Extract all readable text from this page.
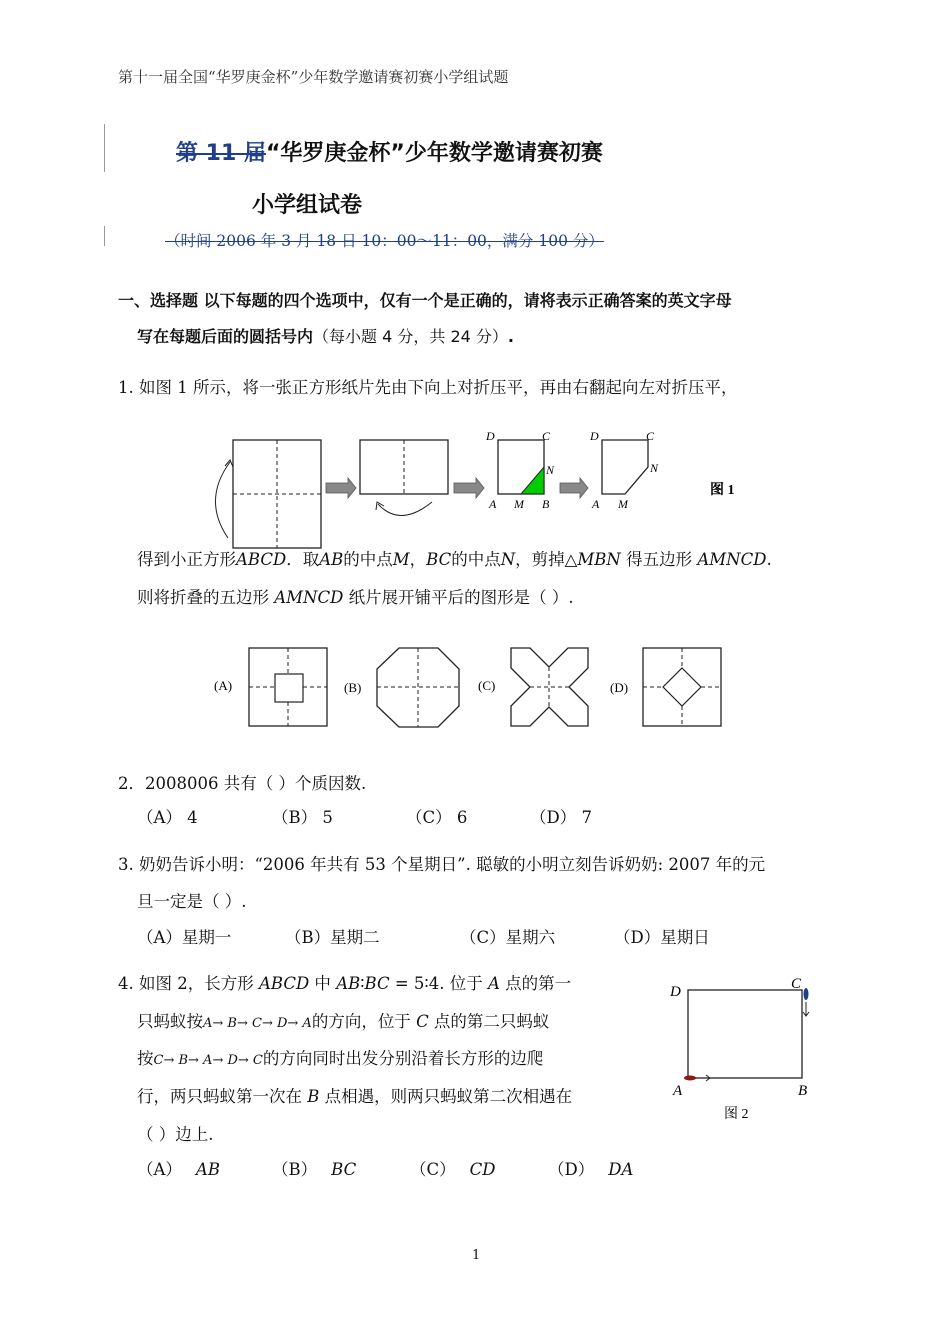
第十一届全国“华罗庚金杯”少年数学邀请赛初赛小学组试题
第 11 届“华罗庚金杯”少年数学邀请赛初赛
小学组试卷
（时间 2006 年 3 月 18 日 10：00～11：00，满分 100 分）
一、选择题 以下每题的四个选项中，仅有一个是正确的，请将表示正确答案的英文字母
写在每题后面的圆括号内（每小题 4 分，共 24 分）.
1. 如图 1 所示，将一张正方形纸片先由下向上对折压平，再由右翻起向左对折压平，
D	C
N
A M B
D	C
N
A M
图 1
得到小正方形ABCD．取AB的中点M，BC的中点N，剪掉△MBN 得五边形 AMNCD.
则将折叠的五边形 AMNCD 纸片展开铺平后的图形是（ ）.
(A)	(B)	(C)	(D)
2．2008006 共有（ ）个质因数.
（A） 4	（B） 5	（C） 6	（D） 7
3. 奶奶告诉小明：“2006 年共有 53 个星期日”. 聪敏的小明立刻告诉奶奶: 2007 年的元
旦一定是（ ）.
（A）星期一	（B）星期二	（C）星期六	（D）星期日
4. 如图 2，长方形 ABCD 中 AB∶BC = 5∶4. 位于 A 点的第一
只蚂蚁按A→ B→ C→ D→ A的方向，位于 C 点的第二只蚂蚁
按C→ B→ A→ D→ C的方向同时出发分别沿着长方形的边爬
行，两只蚂蚁第一次在 B 点相遇，则两只蚂蚁第二次相遇在
（ ）边上.
（A） AB	（B） BC	（C） CD	（D） DA
D	C
A	B
图 2
1
